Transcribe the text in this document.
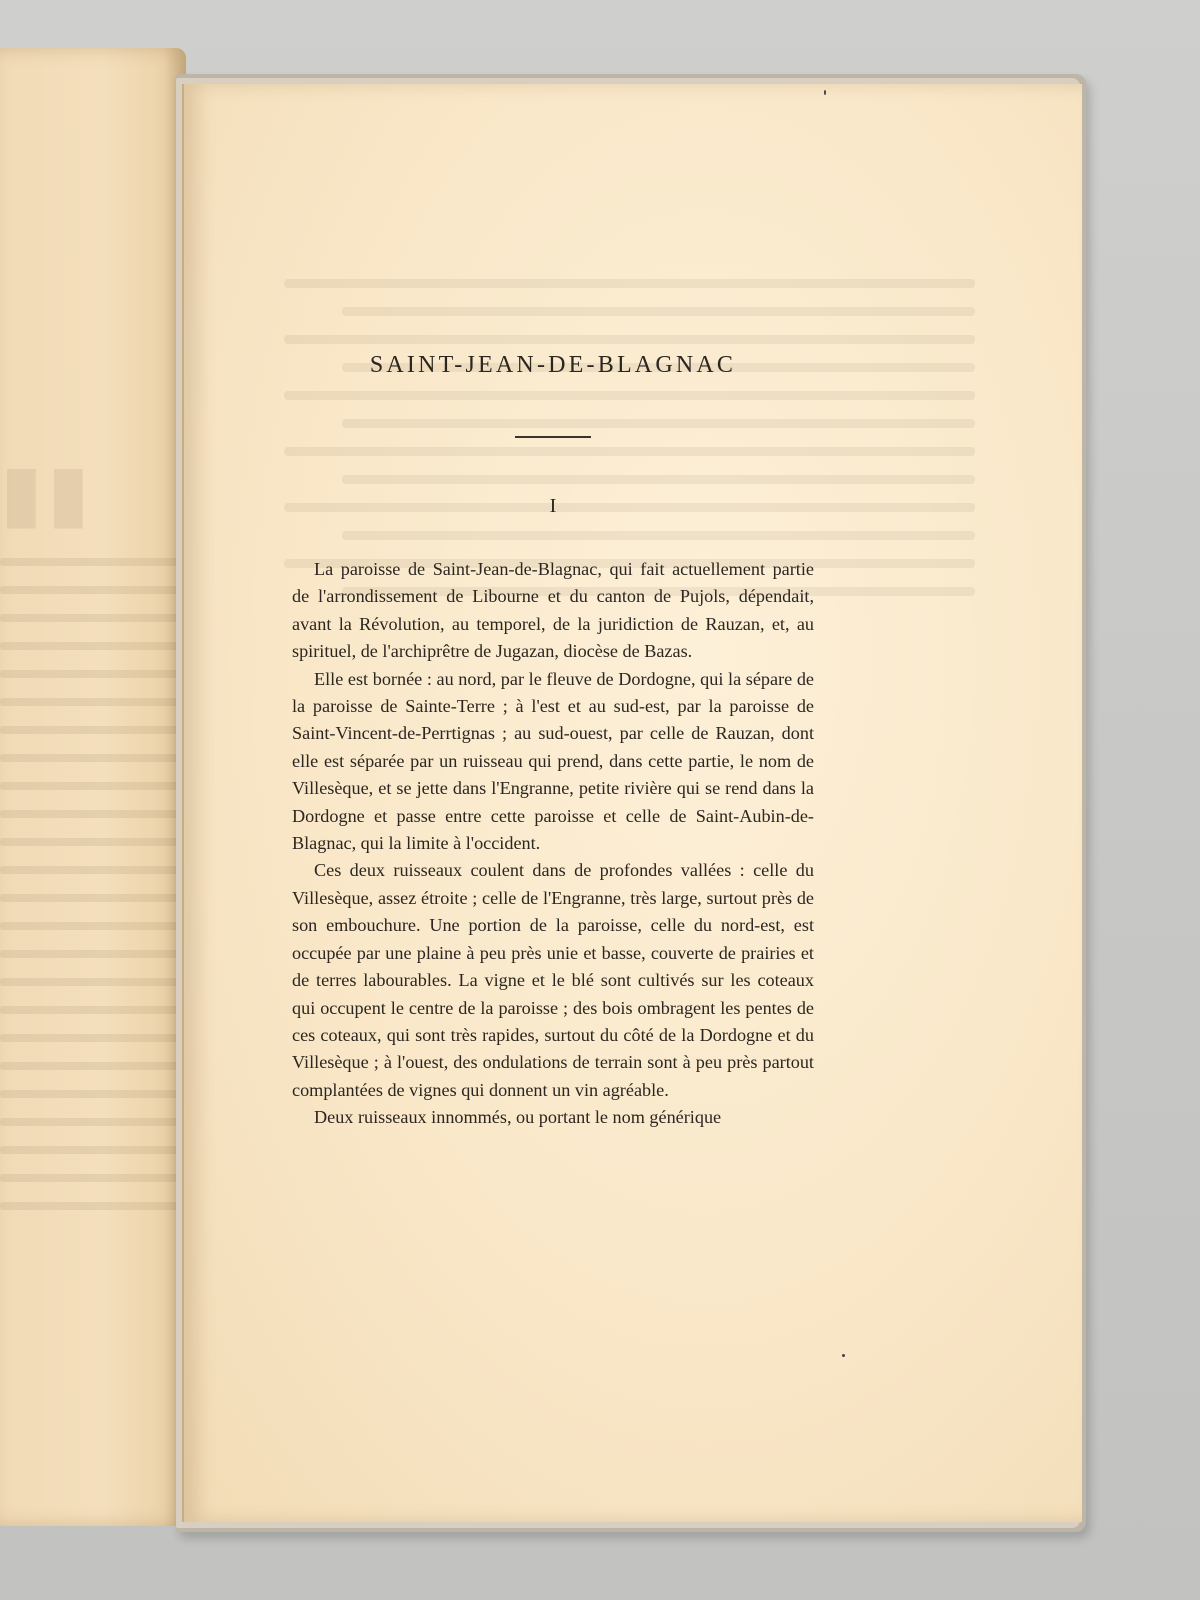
SAINT-JEAN-DE-BLAGNAC
I

La paroisse de Saint-Jean-de-Blagnac, qui fait actuellement partie de l'arrondissement de Libourne et du canton de Pujols, dépendait, avant la Révolution, au temporel, de la juridiction de Rauzan, et, au spirituel, de l'archiprêtre de Jugazan, diocèse de Bazas.

Elle est bornée : au nord, par le fleuve de Dordogne, qui la sépare de la paroisse de Sainte-Terre ; à l'est et au sud-est, par la paroisse de Saint-Vincent-de-Perrtignas ; au sud-ouest, par celle de Rauzan, dont elle est séparée par un ruisseau qui prend, dans cette partie, le nom de Villesèque, et se jette dans l'Engranne, petite rivière qui se rend dans la Dordogne et passe entre cette paroisse et celle de Saint-Aubin-de-Blagnac, qui la limite à l'occident.

Ces deux ruisseaux coulent dans de profondes vallées : celle du Villesèque, assez étroite ; celle de l'Engranne, très large, surtout près de son embouchure. Une portion de la paroisse, celle du nord-est, est occupée par une plaine à peu près unie et basse, couverte de prairies et de terres labourables. La vigne et le blé sont cultivés sur les coteaux qui occupent le centre de la paroisse ; des bois ombragent les pentes de ces coteaux, qui sont très rapides, surtout du côté de la Dordogne et du Villesèque ; à l'ouest, des ondulations de terrain sont à peu près partout complantées de vignes qui donnent un vin agréable.

Deux ruisseaux innommés, ou portant le nom générique
